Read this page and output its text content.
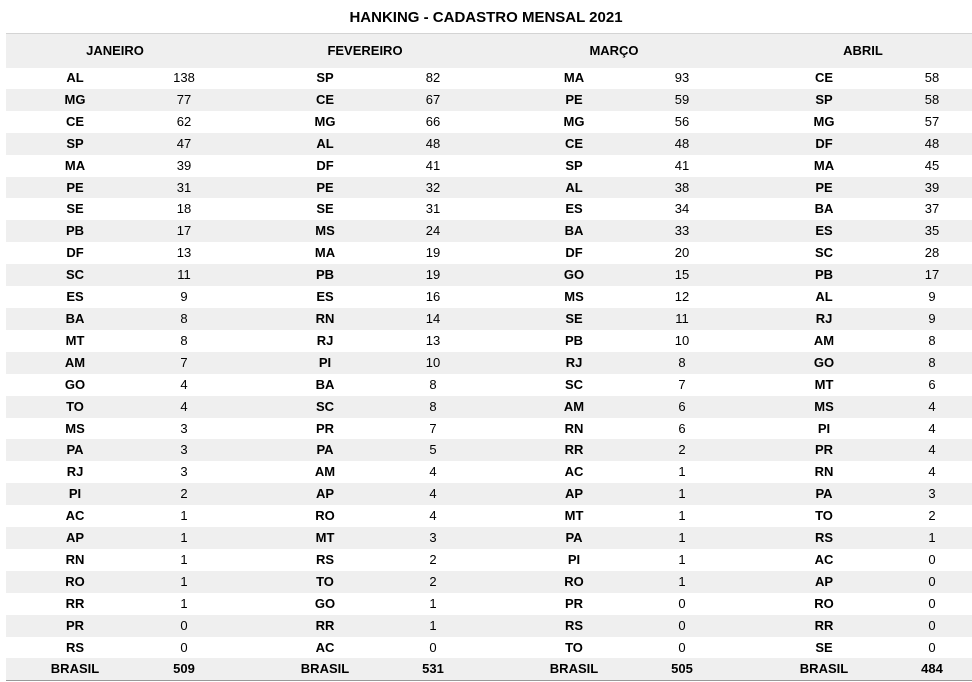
HANKING - CADASTRO MENSAL 2021
JANEIRO	FEVEREIRO	MARÇO	ABRIL
AL	138	SP	82	MA	93	CE	58
MG	77	CE	67	PE	59	SP	58
CE	62	MG	66	MG	56	MG	57
SP	47	AL	48	CE	48	DF	48
MA	39	DF	41	SP	41	MA	45
PE	31	PE	32	AL	38	PE	39
SE	18	SE	31	ES	34	BA	37
PB	17	MS	24	BA	33	ES	35
DF	13	MA	19	DF	20	SC	28
SC	11	PB	19	GO	15	PB	17
ES	9	ES	16	MS	12	AL	9
BA	8	RN	14	SE	11	RJ	9
MT	8	RJ	13	PB	10	AM	8
AM	7	PI	10	RJ	8	GO	8
GO	4	BA	8	SC	7	MT	6
TO	4	SC	8	AM	6	MS	4
MS	3	PR	7	RN	6	PI	4
PA	3	PA	5	RR	2	PR	4
RJ	3	AM	4	AC	1	RN	4
PI	2	AP	4	AP	1	PA	3
AC	1	RO	4	MT	1	TO	2
AP	1	MT	3	PA	1	RS	1
RN	1	RS	2	PI	1	AC	0
RO	1	TO	2	RO	1	AP	0
RR	1	GO	1	PR	0	RO	0
PR	0	RR	1	RS	0	RR	0
RS	0	AC	0	TO	0	SE	0
BRASIL	509	BRASIL	531	BRASIL	505	BRASIL	484
